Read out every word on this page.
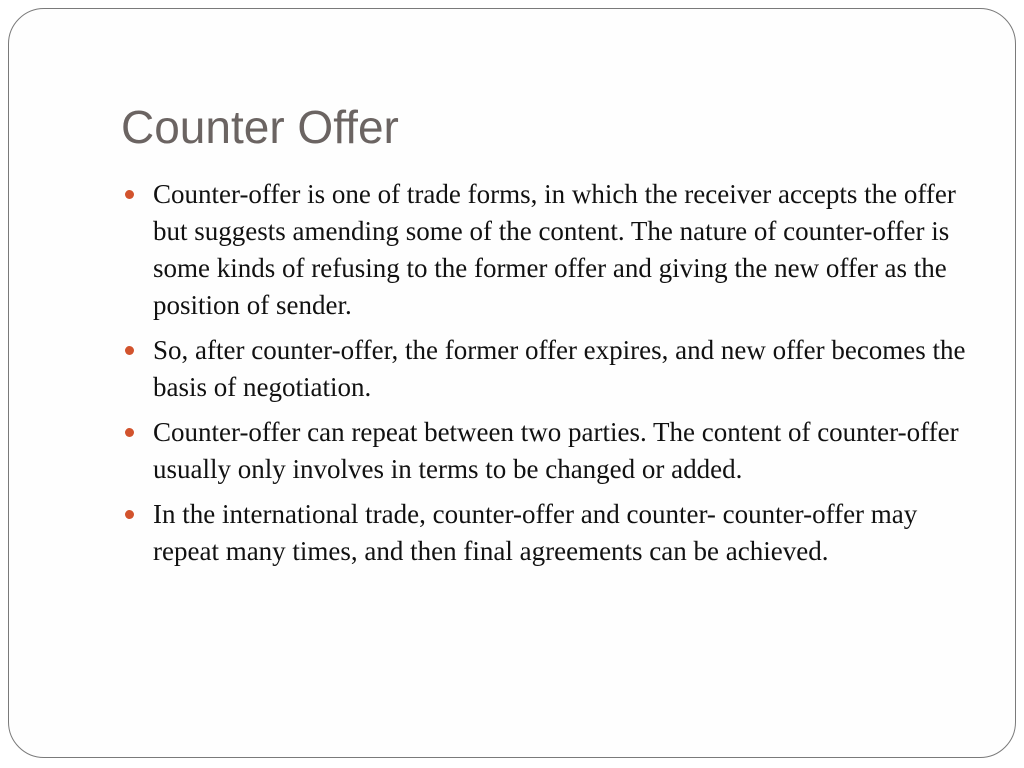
Counter Offer
Counter-offer is one of trade forms, in which the receiver accepts the offer but suggests amending some of the content. The nature of counter-offer is some kinds of refusing to the former offer and giving the new offer as the position of sender.
So, after counter-offer, the former offer expires, and new offer becomes the basis of negotiation.
Counter-offer can repeat between two parties. The content of counter-offer usually only involves in terms to be changed or added.
In the international trade, counter-offer and counter- counter-offer may repeat many times, and then final agreements can be achieved.
